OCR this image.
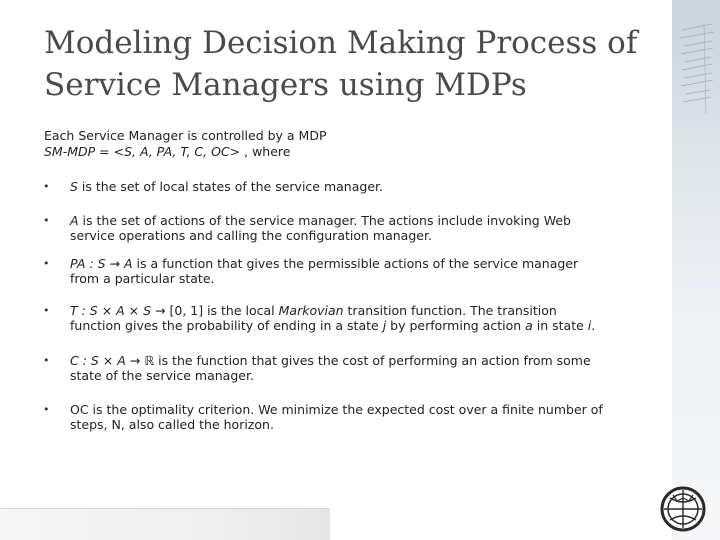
Modeling Decision Making Process of
Service Managers using MDPs
Each Service Manager is controlled by a MDP
SM-MDP = <S, A, PA, T, C, OC> , where
• S is the set of local states of the service manager.
• A is the set of actions of the service manager. The actions include invoking Web
service operations and calling the configuration manager.
• PA : S → A is a function that gives the permissible actions of the service manager
from a particular state.
• T : S × A × S → [0, 1] is the local Markovian transition function. The transition
function gives the probability of ending in a state j by performing action a in state i.
• C : S × A → ℝ is the function that gives the cost of performing an action from some
state of the service manager.
• OC is the optimality criterion. We minimize the expected cost over a finite number of
steps, N, also called the horizon.
